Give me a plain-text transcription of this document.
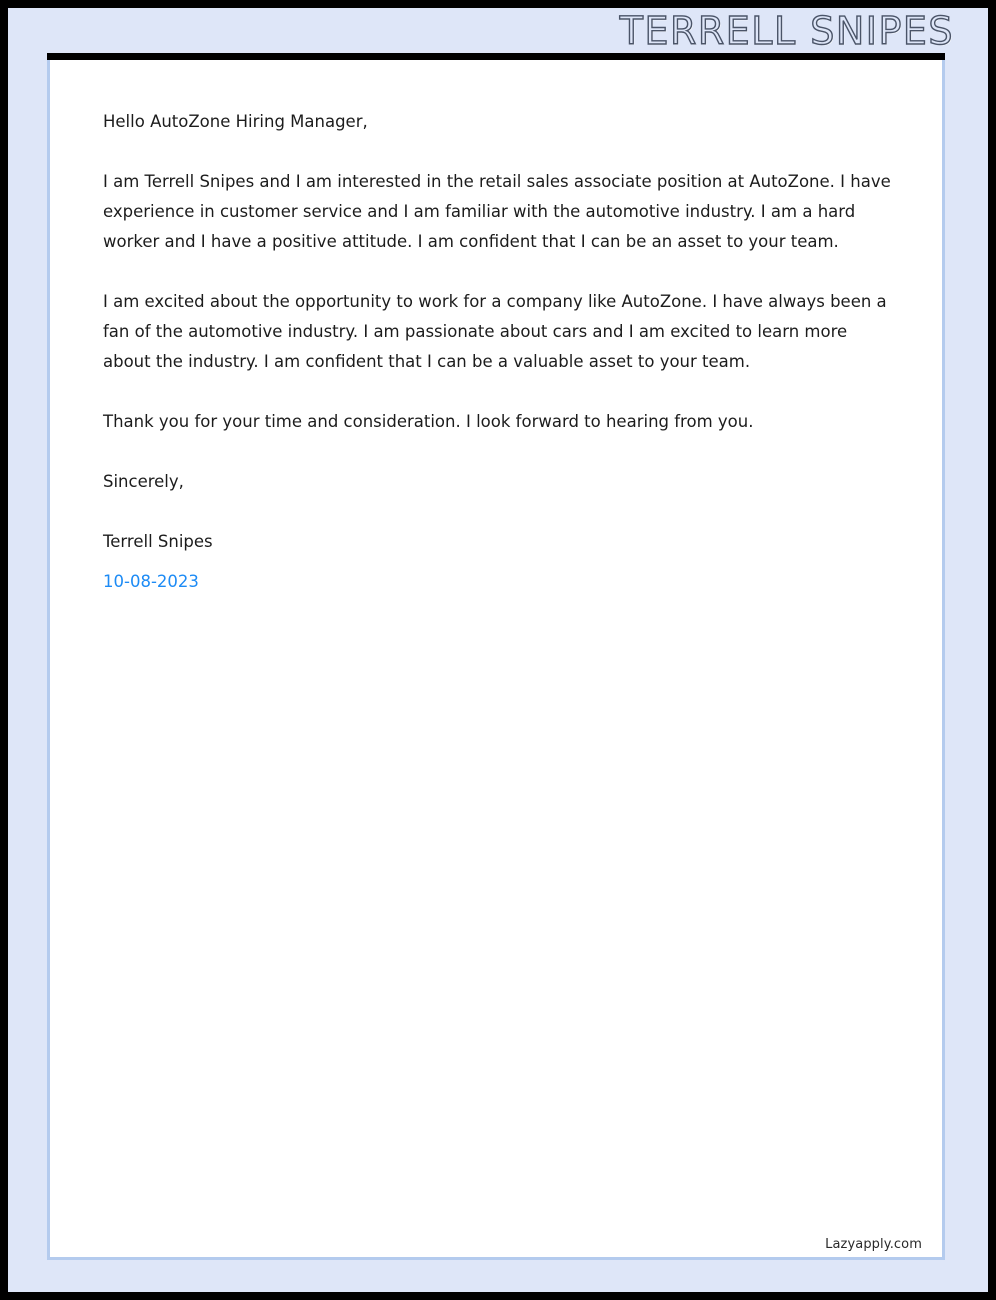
TERRELL SNIPES

Hello AutoZone Hiring Manager,

I am Terrell Snipes and I am interested in the retail sales associate position at AutoZone. I have experience in customer service and I am familiar with the automotive industry. I am a hard worker and I have a positive attitude. I am confident that I can be an asset to your team.

I am excited about the opportunity to work for a company like AutoZone. I have always been a fan of the automotive industry. I am passionate about cars and I am excited to learn more about the industry. I am confident that I can be a valuable asset to your team.

Thank you for your time and consideration. I look forward to hearing from you.

Sincerely,

Terrell Snipes

10-08-2023

Lazyapply.com
